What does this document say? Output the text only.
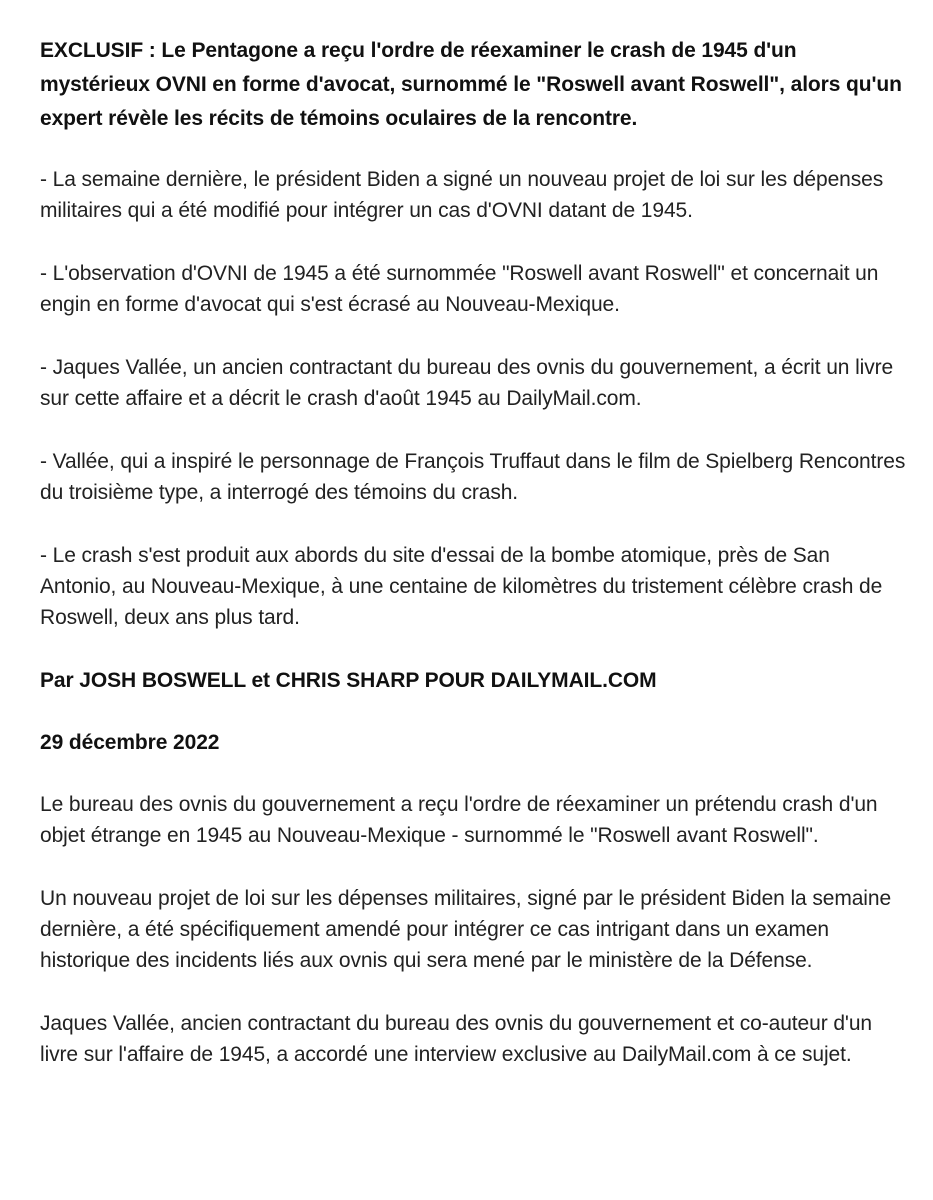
EXCLUSIF : Le Pentagone a reçu l'ordre de réexaminer le crash de 1945 d'un mystérieux OVNI en forme d'avocat, surnommé le "Roswell avant Roswell", alors qu'un expert révèle les récits de témoins oculaires de la rencontre.

- La semaine dernière, le président Biden a signé un nouveau projet de loi sur les dépenses militaires qui a été modifié pour intégrer un cas d'OVNI datant de 1945.

- L'observation d'OVNI de 1945 a été surnommée "Roswell avant Roswell" et concernait un engin en forme d'avocat qui s'est écrasé au Nouveau-Mexique.

- Jaques Vallée, un ancien contractant du bureau des ovnis du gouvernement, a écrit un livre sur cette affaire et a décrit le crash d'août 1945 au DailyMail.com.

- Vallée, qui a inspiré le personnage de François Truffaut dans le film de Spielberg Rencontres du troisième type, a interrogé des témoins du crash.

- Le crash s'est produit aux abords du site d'essai de la bombe atomique, près de San Antonio, au Nouveau-Mexique, à une centaine de kilomètres du tristement célèbre crash de Roswell, deux ans plus tard.

Par JOSH BOSWELL et CHRIS SHARP POUR DAILYMAIL.COM

29 décembre 2022

Le bureau des ovnis du gouvernement a reçu l'ordre de réexaminer un prétendu crash d'un objet étrange en 1945 au Nouveau-Mexique - surnommé le "Roswell avant Roswell".

Un nouveau projet de loi sur les dépenses militaires, signé par le président Biden la semaine dernière, a été spécifiquement amendé pour intégrer ce cas intrigant dans un examen historique des incidents liés aux ovnis qui sera mené par le ministère de la Défense.

Jaques Vallée, ancien contractant du bureau des ovnis du gouvernement et co-auteur d'un livre sur l'affaire de 1945, a accordé une interview exclusive au DailyMail.com à ce sujet.
